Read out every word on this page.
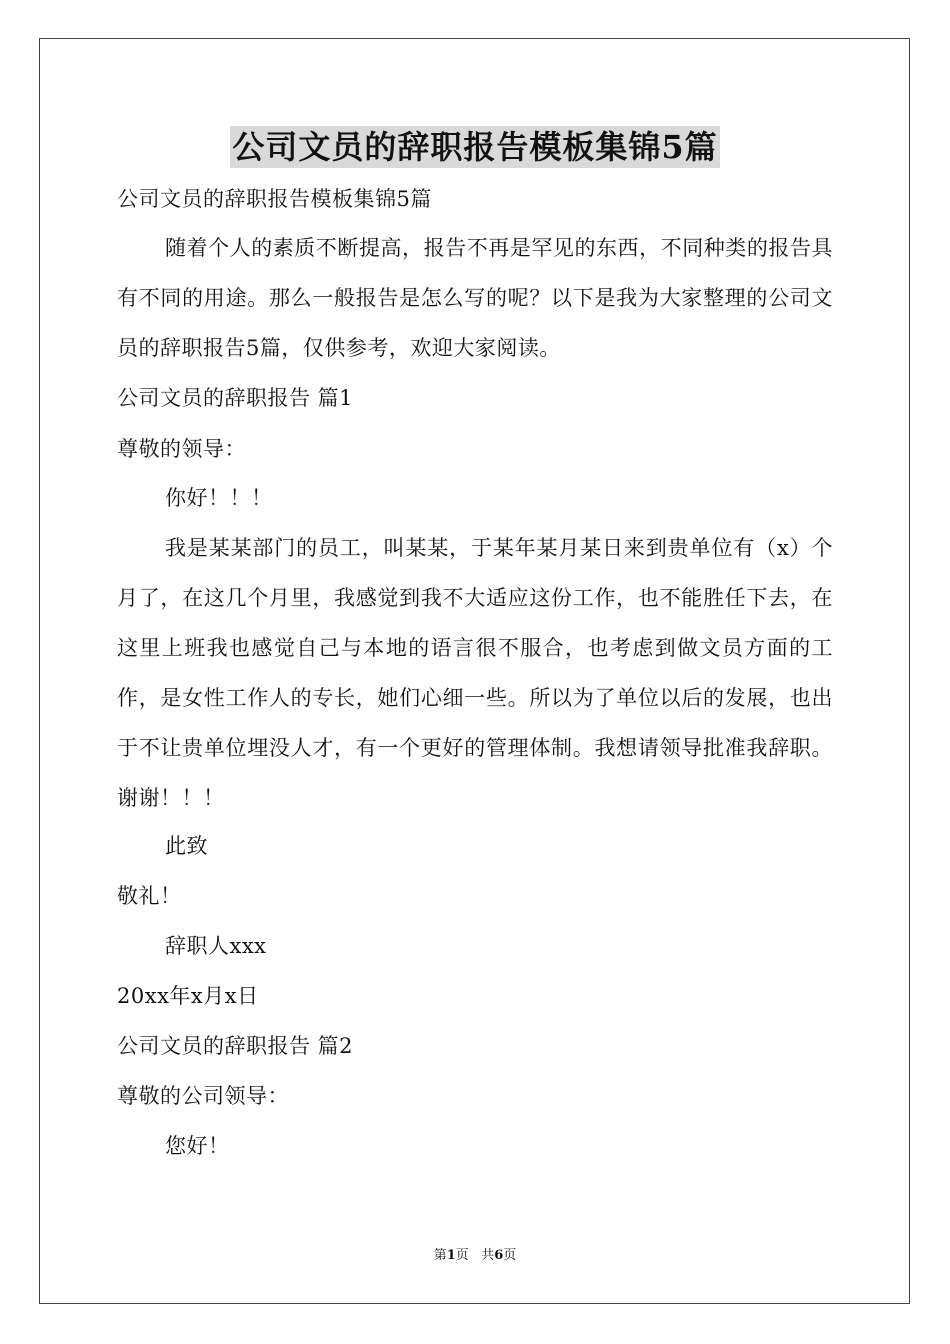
公司文员的辞职报告模板集锦5篇
公司文员的辞职报告模板集锦5篇
随着个人的素质不断提高，报告不再是罕见的东西，不同种类的报告具有不同的用途。那么一般报告是怎么写的呢？以下是我为大家整理的公司文员的辞职报告5篇，仅供参考，欢迎大家阅读。
公司文员的辞职报告 篇1
尊敬的领导：
你好！！！
我是某某部门的员工，叫某某，于某年某月某日来到贵单位有（x）个月了，在这几个月里，我感觉到我不大适应这份工作，也不能胜任下去，在这里上班我也感觉自己与本地的语言很不服合，也考虑到做文员方面的工作，是女性工作人的专长，她们心细一些。所以为了单位以后的发展，也出于不让贵单位埋没人才，有一个更好的管理体制。我想请领导批准我辞职。谢谢！！！
此致
敬礼！
辞职人xxx
20xx年x月x日
公司文员的辞职报告 篇2
尊敬的公司领导：
您好！
第1页 共6页
